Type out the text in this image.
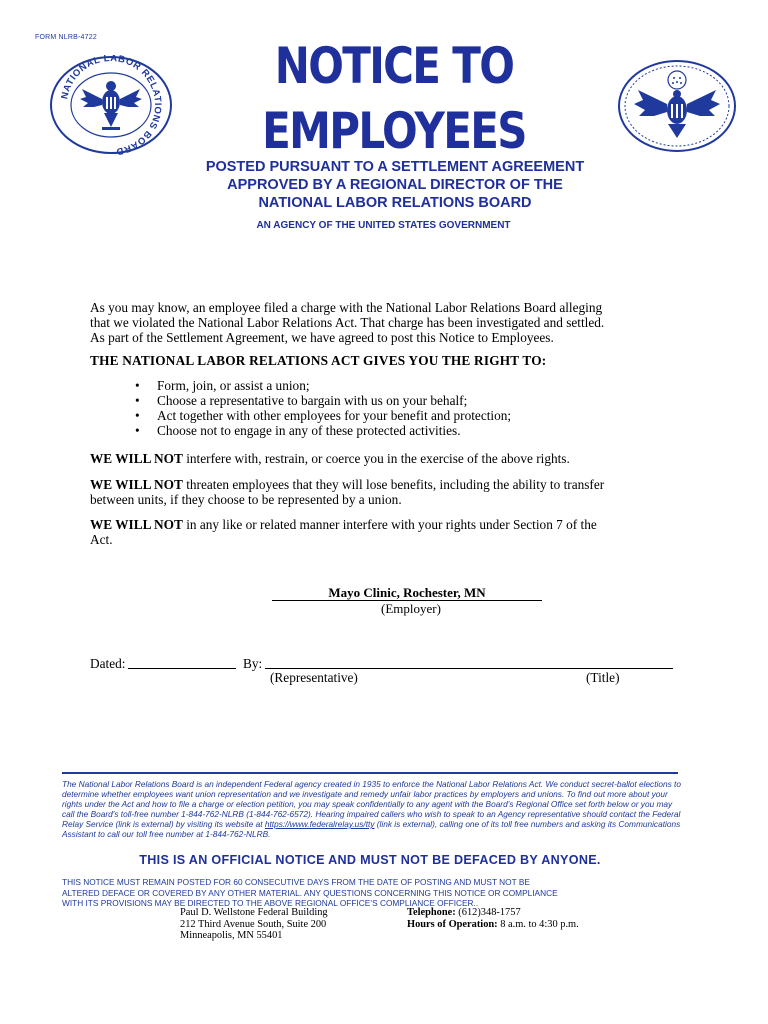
FORM NLRB-4722
NATIONAL LABOR RELATIONS BOARD
NOTICE TO
EMPLOYEES
POSTED PURSUANT TO A SETTLEMENT AGREEMENT
APPROVED BY A REGIONAL DIRECTOR OF THE
NATIONAL LABOR RELATIONS BOARD
AN AGENCY OF THE UNITED STATES GOVERNMENT
As you may know, an employee filed a charge with the National Labor Relations Board alleging
that we violated the National Labor Relations Act. That charge has been investigated and settled.
As part of the Settlement Agreement, we have agreed to post this Notice to Employees.
THE NATIONAL LABOR RELATIONS ACT GIVES YOU THE RIGHT TO:
• Form, join, or assist a union;
• Choose a representative to bargain with us on your behalf;
• Act together with other employees for your benefit and protection;
• Choose not to engage in any of these protected activities.
WE WILL NOT interfere with, restrain, or coerce you in the exercise of the above rights.
WE WILL NOT threaten employees that they will lose benefits, including the ability to transfer
between units, if they choose to be represented by a union.
WE WILL NOT in any like or related manner interfere with your rights under Section 7 of the
Act.
Mayo Clinic, Rochester, MN
(Employer)
Dated:	By:
(Representative)	(Title)
The National Labor Relations Board is an independent Federal agency created in 1935 to enforce the National Labor Relations Act. We conduct secret-ballot elections to determine whether employees want union representation and we investigate and remedy unfair labor practices by employers and unions. To find out more about your rights under the Act and how to file a charge or election petition, you may speak confidentially to any agent with the Board’s Regional Office set forth below or you may call the Board's toll-free number 1-844-762-NLRB (1-844-762-6572). Hearing impaired callers who wish to speak to an Agency representative should contact the Federal Relay Service (link is external) by visiting its website at https://www.federalrelay.us/tty (link is external), calling one of its toll free numbers and asking its Communications Assistant to call our toll free number at 1-844-762-NLRB.
THIS IS AN OFFICIAL NOTICE AND MUST NOT BE DEFACED BY ANYONE.
THIS NOTICE MUST REMAIN POSTED FOR 60 CONSECUTIVE DAYS FROM THE DATE OF POSTING AND MUST NOT BE
ALTERED DEFACE OR COVERED BY ANY OTHER MATERIAL. ANY QUESTIONS CONCERNING THIS NOTICE OR COMPLIANCE
WITH ITS PROVISIONS MAY BE DIRECTED TO THE ABOVE REGIONAL OFFICE’S COMPLIANCE OFFICER..
Paul D. Wellstone Federal Building
212 Third Avenue South, Suite 200
Minneapolis, MN 55401
Telephone: (612)348-1757
Hours of Operation: 8 a.m. to 4:30 p.m.
